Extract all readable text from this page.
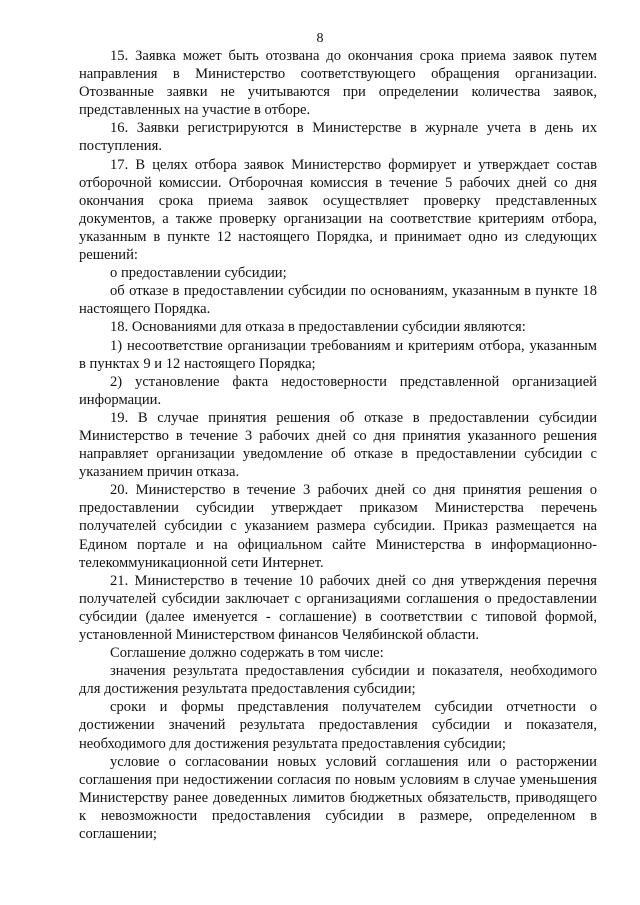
8

15. Заявка может быть отозвана до окончания срока приема заявок путем направления в Министерство соответствующего обращения организации. Отозванные заявки не учитываются при определении количества заявок, представленных на участие в отборе.

16. Заявки регистрируются в Министерстве в журнале учета в день их поступления.

17. В целях отбора заявок Министерство формирует и утверждает состав отборочной комиссии. Отборочная комиссия в течение 5 рабочих дней со дня окончания срока приема заявок осуществляет проверку представленных документов, а также проверку организации на соответствие критериям отбора, указанным в пункте 12 настоящего Порядка, и принимает одно из следующих решений:

о предоставлении субсидии;

об отказе в предоставлении субсидии по основаниям, указанным в пункте 18 настоящего Порядка.

18. Основаниями для отказа в предоставлении субсидии являются:

1) несоответствие организации требованиям и критериям отбора, указанным в пунктах 9 и 12 настоящего Порядка;

2) установление факта недостоверности представленной организацией информации.

19. В случае принятия решения об отказе в предоставлении субсидии Министерство в течение 3 рабочих дней со дня принятия указанного решения направляет организации уведомление об отказе в предоставлении субсидии с указанием причин отказа.

20. Министерство в течение 3 рабочих дней со дня принятия решения о предоставлении субсидии утверждает приказом Министерства перечень получателей субсидии с указанием размера субсидии. Приказ размещается на Едином портале и на официальном сайте Министерства в информационно-телекоммуникационной сети Интернет.

21. Министерство в течение 10 рабочих дней со дня утверждения перечня получателей субсидии заключает с организациями соглашения о предоставлении субсидии (далее именуется - соглашение) в соответствии с типовой формой, установленной Министерством финансов Челябинской области.

Соглашение должно содержать в том числе:

значения результата предоставления субсидии и показателя, необходимого для достижения результата предоставления субсидии;

сроки и формы представления получателем субсидии отчетности о достижении значений результата предоставления субсидии и показателя, необходимого для достижения результата предоставления субсидии;

условие о согласовании новых условий соглашения или о расторжении соглашения при недостижении согласия по новым условиям в случае уменьшения Министерству ранее доведенных лимитов бюджетных обязательств, приводящего к невозможности предоставления субсидии в размере, определенном в соглашении;
